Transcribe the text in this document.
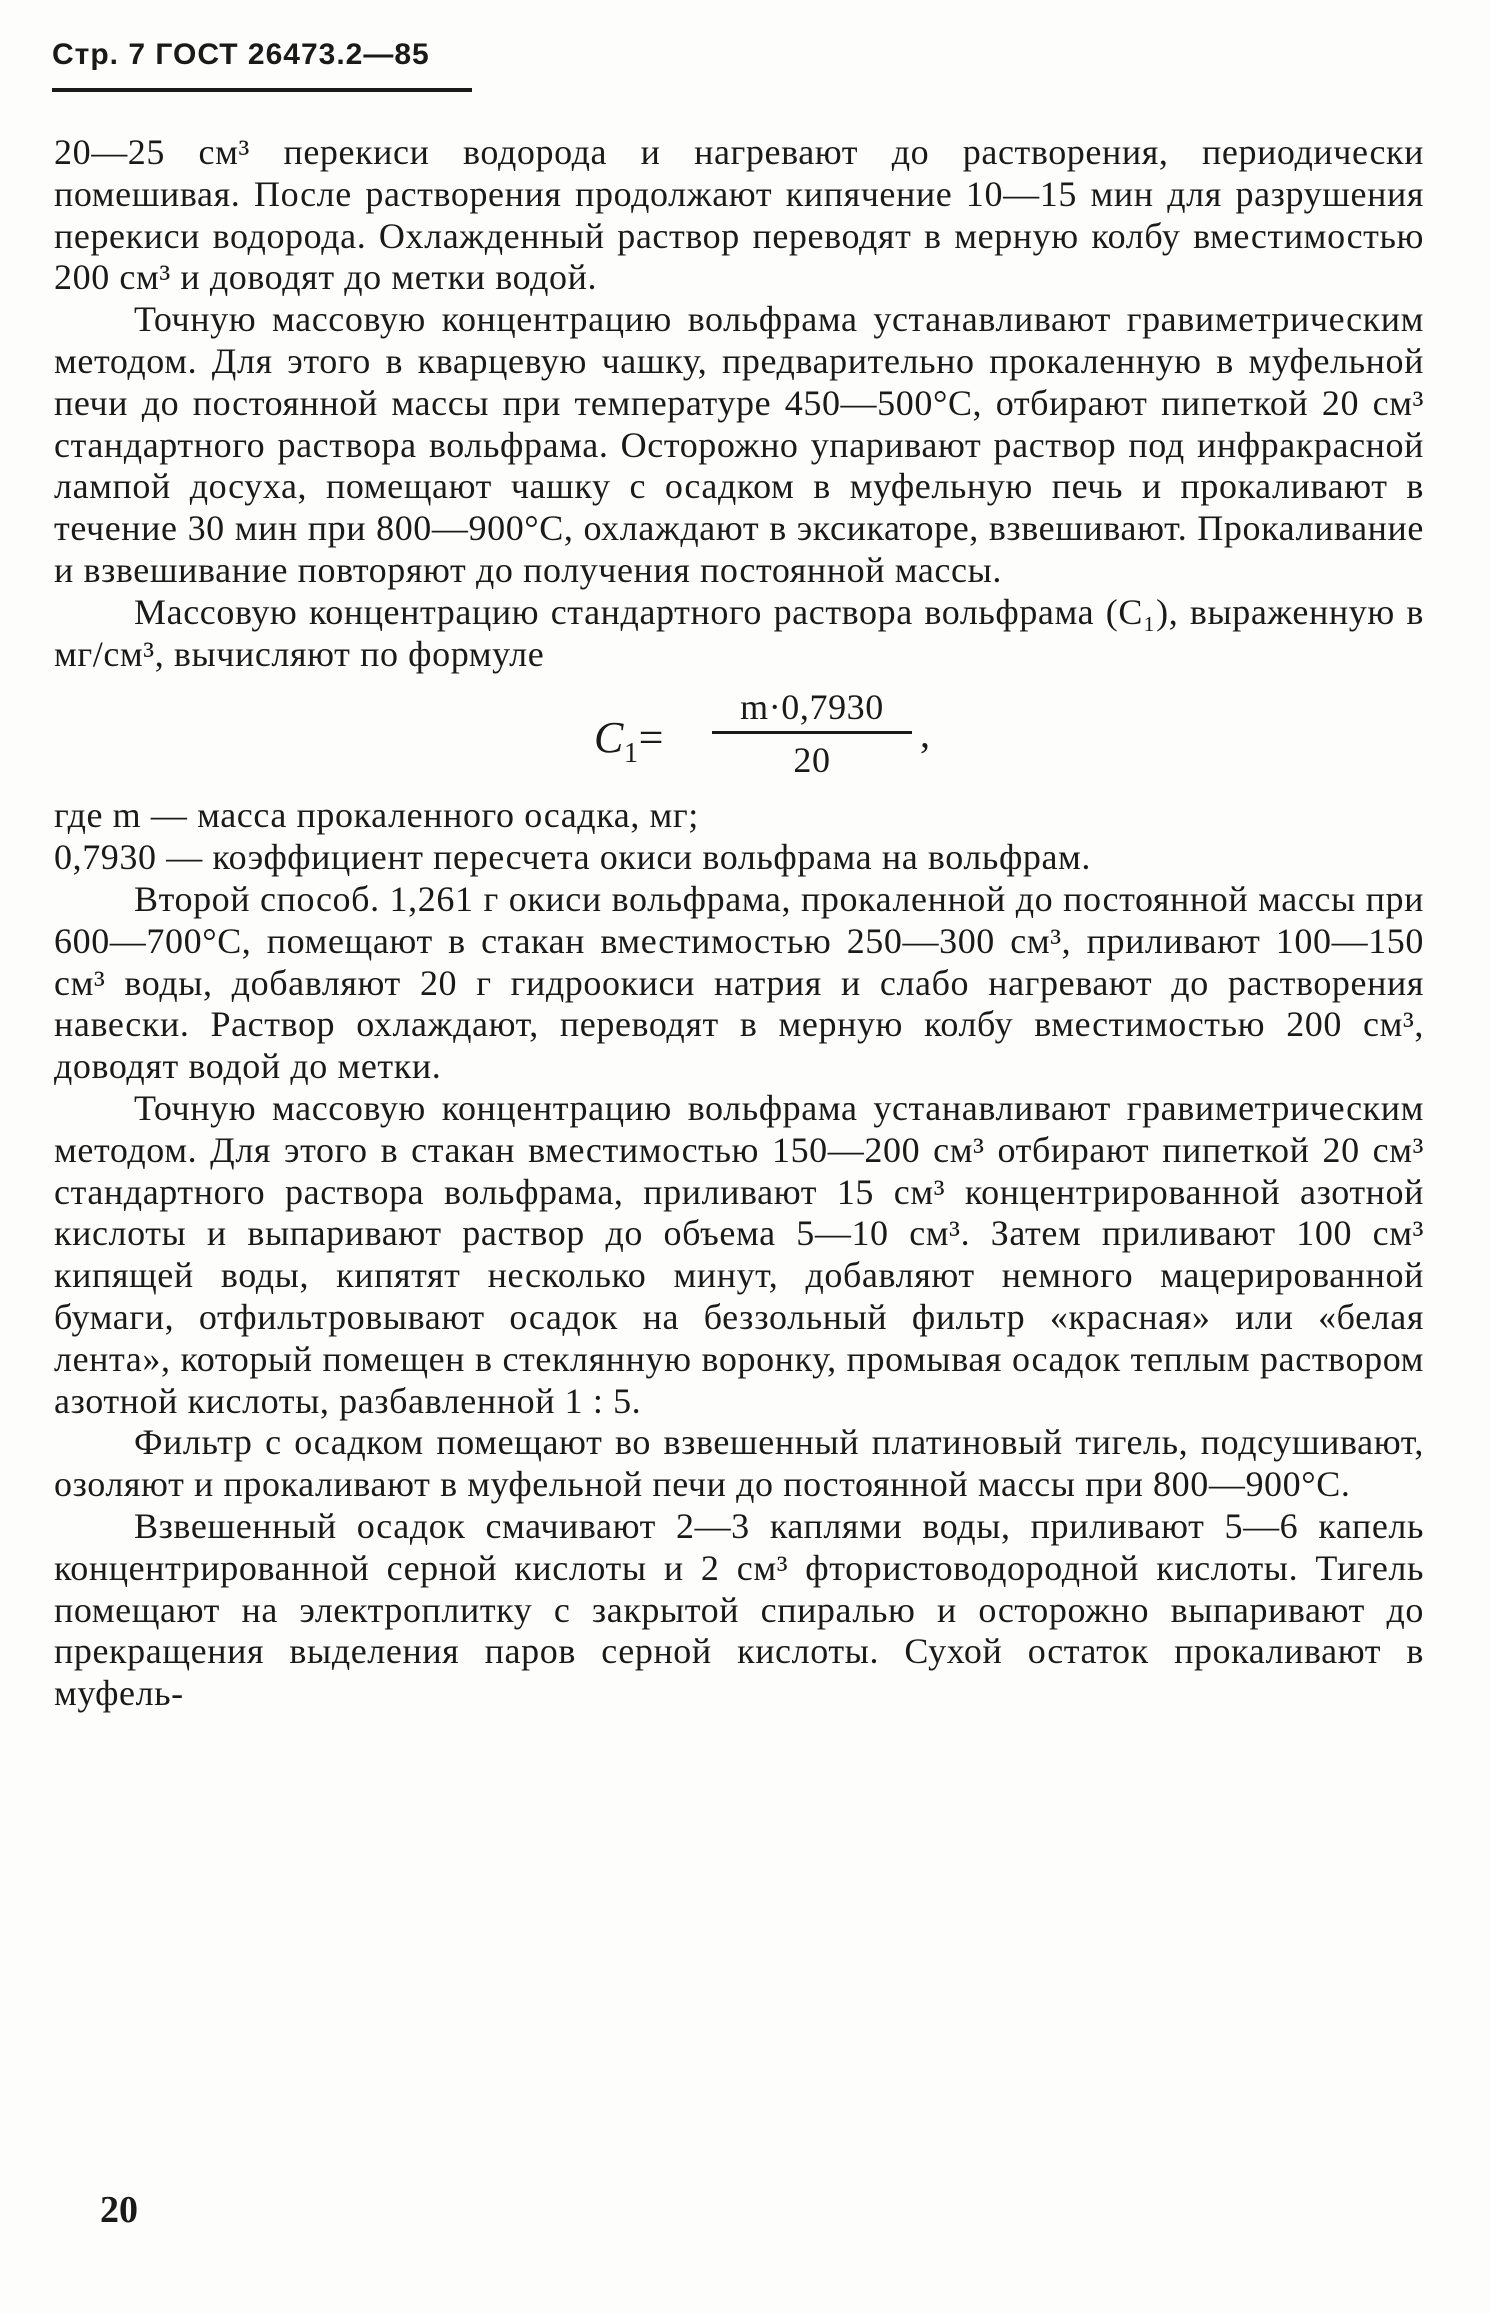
Стр. 7 ГОСТ 26473.2—85

20—25 см³ перекиси водорода и нагревают до растворения, периодически помешивая. После растворения продолжают кипячение 10—15 мин для разрушения перекиси водорода. Охлажденный раствор переводят в мерную колбу вместимостью 200 см³ и доводят до метки водой.

Точную массовую концентрацию вольфрама устанавливают гравиметрическим методом. Для этого в кварцевую чашку, предварительно прокаленную в муфельной печи до постоянной массы при температуре 450—500°С, отбирают пипеткой 20 см³ стандартного раствора вольфрама. Осторожно упаривают раствор под инфракрасной лампой досуха, помещают чашку с осадком в муфельную печь и прокаливают в течение 30 мин при 800—900°С, охлаждают в эксикаторе, взвешивают. Прокаливание и взвешивание повторяют до получения постоянной массы.

Массовую концентрацию стандартного раствора вольфрама (C₁), выраженную в мг/см³, вычисляют по формуле

$C_1=$
m·0,7930
20
,

где m — масса прокаленного осадка, мг;

0,7930 — коэффициент пересчета окиси вольфрама на вольфрам.

Второй способ. 1,261 г окиси вольфрама, прокаленной до постоянной массы при 600—700°С, помещают в стакан вместимостью 250—300 см³, приливают 100—150 см³ воды, добавляют 20 г гидроокиси натрия и слабо нагревают до растворения навески. Раствор охлаждают, переводят в мерную колбу вместимостью 200 см³, доводят водой до метки.

Точную массовую концентрацию вольфрама устанавливают гравиметрическим методом. Для этого в стакан вместимостью 150—200 см³ отбирают пипеткой 20 см³ стандартного раствора вольфрама, приливают 15 см³ концентрированной азотной кислоты и выпаривают раствор до объема 5—10 см³. Затем приливают 100 см³ кипящей воды, кипятят несколько минут, добавляют немного мацерированной бумаги, отфильтровывают осадок на беззольный фильтр «красная» или «белая лента», который помещен в стеклянную воронку, промывая осадок теплым раствором азотной кислоты, разбавленной 1 : 5.

Фильтр с осадком помещают во взвешенный платиновый тигель, подсушивают, озоляют и прокаливают в муфельной печи до постоянной массы при 800—900°С.

Взвешенный осадок смачивают 2—3 каплями воды, приливают 5—6 капель концентрированной серной кислоты и 2 см³ фтористоводородной кислоты. Тигель помещают на электроплитку с закрытой спиралью и осторожно выпаривают до прекращения выделения паров серной кислоты. Сухой остаток прокаливают в муфель-

20
